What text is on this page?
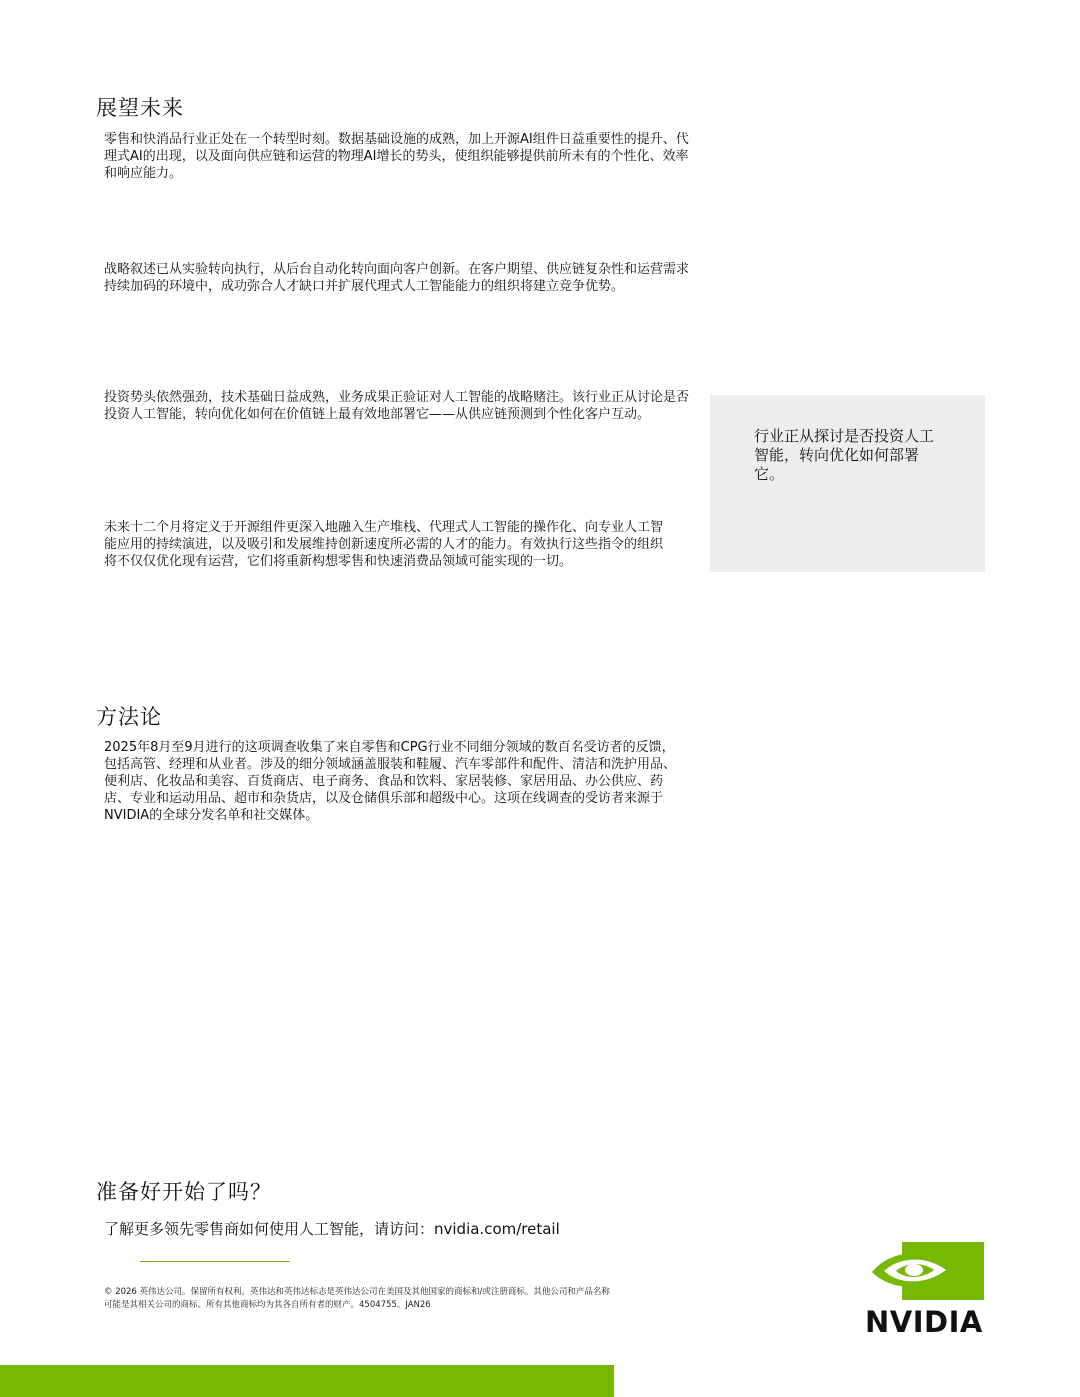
展望未来

零售和快消品行业正处在一个转型时刻。数据基础设施的成熟，加上开源AI组件日益重要性的提升、代理式AI的出现，以及面向供应链和运营的物理AI增长的势头，使组织能够提供前所未有的个性化、效率和响应能力。

战略叙述已从实验转向执行，从后台自动化转向面向客户创新。在客户期望、供应链复杂性和运营需求持续加码的环境中，成功弥合人才缺口并扩展代理式人工智能能力的组织将建立竞争优势。

投资势头依然强劲，技术基础日益成熟，业务成果正验证对人工智能的战略赌注。该行业正从讨论是否投资人工智能，转向优化如何在价值链上最有效地部署它——从供应链预测到个性化客户互动。

未来十二个月将定义于开源组件更深入地融入生产堆栈、代理式人工智能的操作化、向专业人工智能应用的持续演进，以及吸引和发展维持创新速度所必需的人才的能力。有效执行这些指令的组织将不仅仅优化现有运营，它们将重新构想零售和快速消费品领域可能实现的一切。

行业正从探讨是否投资人工智能，转向优化如何部署它。

方法论

2025年8月至9月进行的这项调查收集了来自零售和CPG行业不同细分领域的数百名受访者的反馈，包括高管、经理和从业者。涉及的细分领域涵盖服装和鞋履、汽车零部件和配件、清洁和洗护用品、便利店、化妆品和美容、百货商店、电子商务、食品和饮料、家居装修、家居用品、办公供应、药店、专业和运动用品、超市和杂货店，以及仓储俱乐部和超级中心。这项在线调查的受访者来源于NVIDIA的全球分发名单和社交媒体。

准备好开始了吗？

了解更多领先零售商如何使用人工智能，请访问：nvidia.com/retail

© 2026 英伟达公司。保留所有权利。英伟达和英伟达标志是英伟达公司在美国及其他国家的商标和/或注册商标。其他公司和产品名称可能是其相关公司的商标。所有其他商标均为其各自所有者的财产。4504755。JAN26	NVIDIA
